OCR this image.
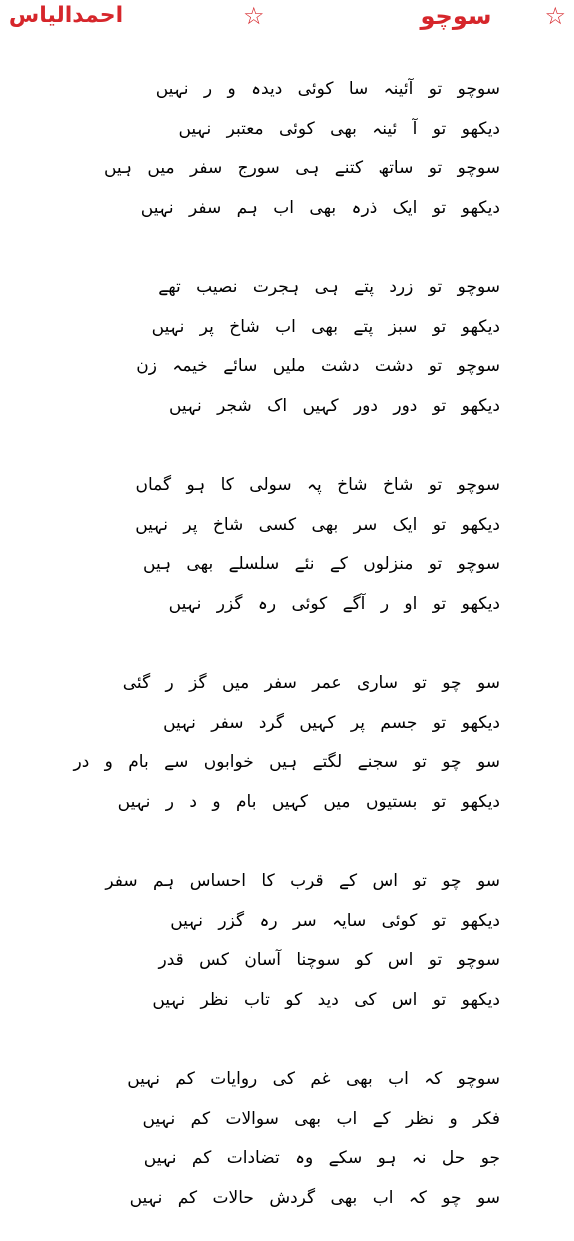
☆
سوچو
☆
احمدالیاس
سوچو تو آئینہ سا کوئی دیدہ و ر نہیں
دیکھو تو آ ئینہ بھی کوئی معتبر نہیں
سوچو تو ساتھ کتنے ہی سورج سفر میں ہیں
دیکھو تو ایک ذرہ بھی اب ہم سفر نہیں
سوچو تو زرد پتے ہی ہجرت نصیب تھے
دیکھو تو سبز پتے بھی اب شاخ پر نہیں
سوچو تو دشت دشت ملیں سائے خیمہ زن
دیکھو تو دور دور کہیں اک شجر نہیں
سوچو تو شاخ شاخ پہ سولی کا ہو گماں
دیکھو تو ایک سر بھی کسی شاخ پر نہیں
سوچو تو منزلوں کے نئے سلسلے بھی ہیں
دیکھو تو او ر آگے کوئی رہ گزر نہیں
سو چو تو ساری عمر سفر میں گز ر گئی
دیکھو تو جسم پر کہیں گرد سفر نہیں
سو چو تو سجنے لگتے ہیں خوابوں سے بام و در
دیکھو تو بستیوں میں کہیں بام و د ر نہیں
سو چو تو اس کے قرب کا احساس ہم سفر
دیکھو تو کوئی سایہ سر رہ گزر نہیں
سوچو تو اس کو سوچنا آسان کس قدر
دیکھو تو اس کی دید کو تاب نظر نہیں
سوچو کہ اب بھی غم کی روایات کم نہیں
فکر و نظر کے اب بھی سوالات کم نہیں
جو حل نہ ہو سکے وہ تضادات کم نہیں
سو چو کہ اب بھی گردش حالات کم نہیں
